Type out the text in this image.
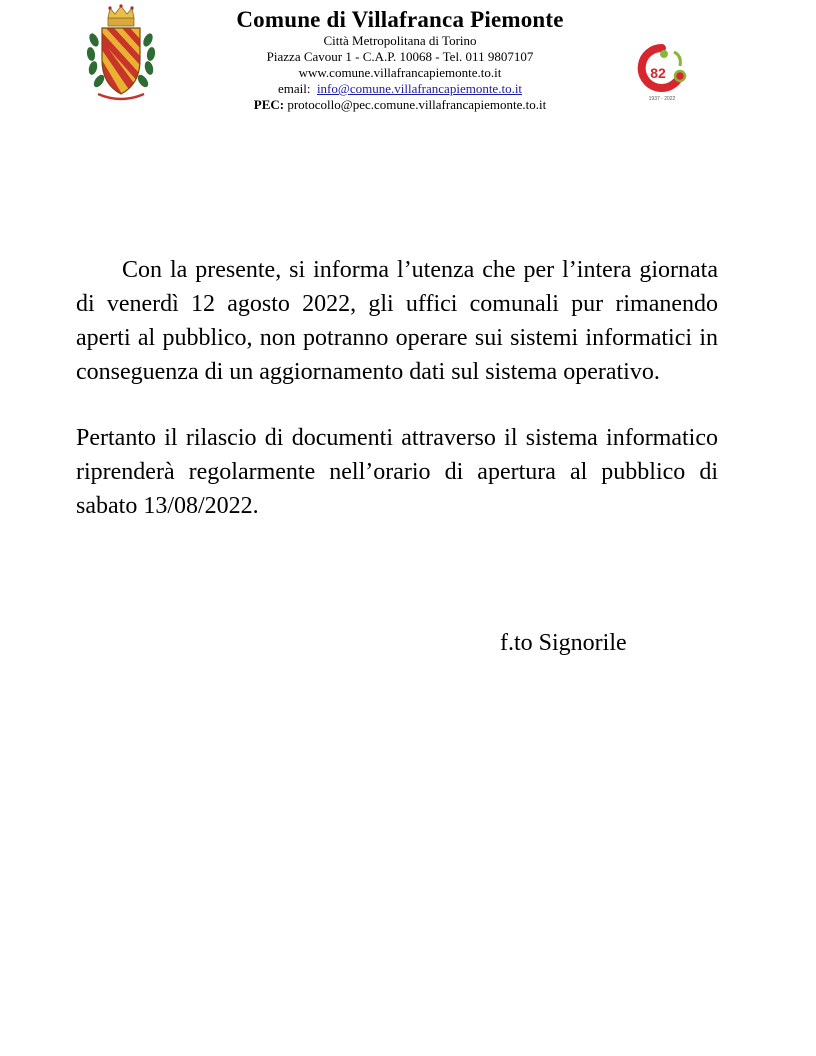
Comune di Villafranca Piemonte
Città Metropolitana di Torino
Piazza Cavour 1 - C.A.P. 10068 - Tel. 011 9807107
www.comune.villafrancapiemonte.to.it
email: info@comune.villafrancapiemonte.to.it
PEC: protocollo@pec.comune.villafrancapiemonte.to.it
82
1937 - 2022

Con la presente, si informa l’utenza che per l’intera giornata di venerdì 12 agosto 2022, gli uffici comunali pur rimanendo aperti al pubblico, non potranno operare sui sistemi informatici in conseguenza di un aggiornamento dati sul sistema operativo.

Pertanto il rilascio di documenti attraverso il sistema informatico riprenderà regolarmente nell’orario di apertura al pubblico di sabato 13/08/2022.

f.to Signorile
